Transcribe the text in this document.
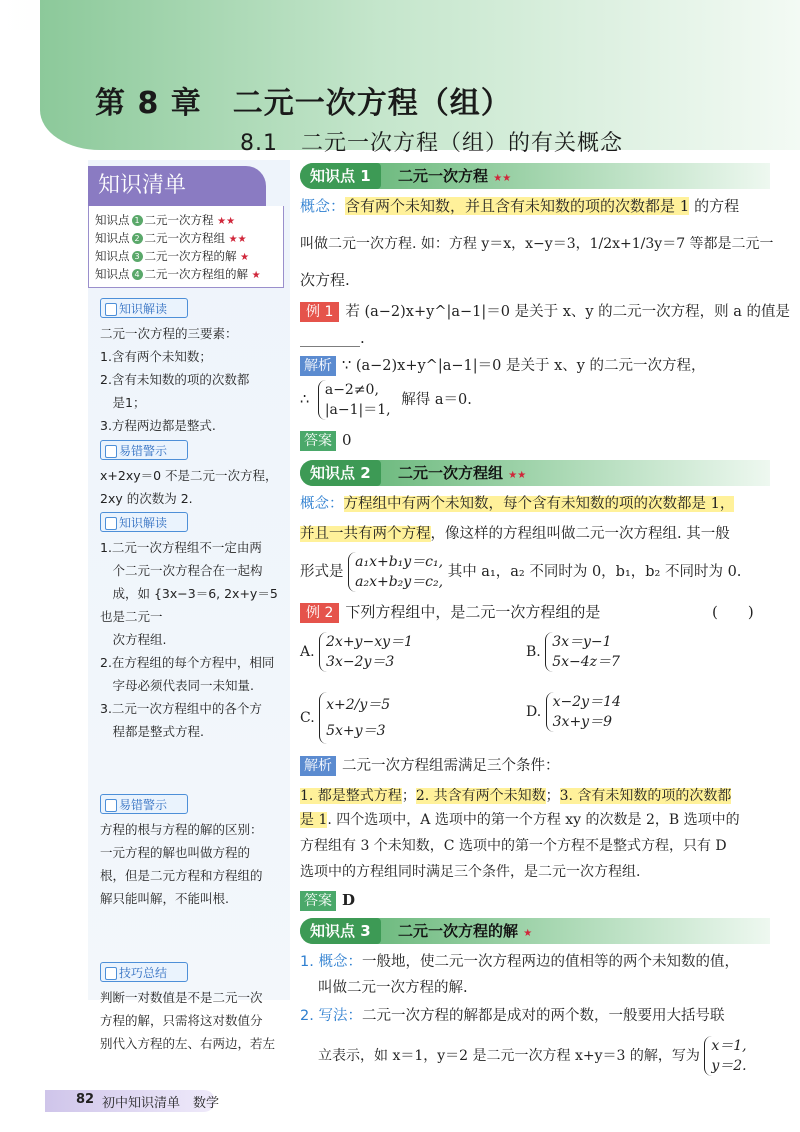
第 8 章　二元一次方程（组）
8.1　二元一次方程（组）的有关概念
知识清单
知识点 1 二元一次方程 ★★
知识点 2 二元一次方程组 ★★
知识点 3 二元一次方程的解 ★
知识点 4 二元一次方程组的解 ★
知识解读

二元一次方程的三要素：

1.含有两个未知数；

2.含有未知数的项的次数都

　是1；

3.方程两边都是整式.

易错警示

x+2xy＝0 不是二元一次方程，

2xy 的次数为 2.

知识解读

1.二元一次方程组不一定由两

　个二元一次方程合在一起构

　成，如 {3x−3＝6, 2x+y＝5 也是二元一

　次方程组.

2.在方程组的每个方程中，相同

　字母必须代表同一未知量.

3.二元一次方程组中的各个方

　程都是整式方程.

易错警示

方程的根与方程的解的区别：

一元方程的解也叫做方程的

根，但是二元方程和方程组的

解只能叫解，不能叫根.

技巧总结

判断一对数值是不是二元一次

方程的解，只需将这对数值分

别代入方程的左、右两边，若左

知识点 1	二元一次方程 ★★
概念：含有两个未知数，并且含有未知数的项的次数都是 1 的方程
叫做二元一次方程. 如：方程 y＝x，x−y＝3，1/2x+1/3y＝7 等都是二元一
次方程.
例 1 若 (a−2)x+y^|a−1|＝0 是关于 x、y 的二元一次方程，则 a 的值是
________.
解析 ∵ (a−2)x+y^|a−1|＝0 是关于 x、y 的二元一次方程，
∴ a−2≠0,
|a−1|＝1, 解得 a＝0.
答案 0
知识点 2	二元一次方程组 ★★
概念：方程组中有两个未知数，每个含有未知数的项的次数都是 1，
并且一共有两个方程，像这样的方程组叫做二元一次方程组. 其一般
形式是 a₁x+b₁y＝c₁,
a₂x+b₂y＝c₂, 其中 a₁，a₂ 不同时为 0，b₁，b₂ 不同时为 0.
例 2 下列方程组中，是二元一次方程组的是	(　　)
A. 2x+y−xy＝1
3x−2y＝3
B. 3x＝y−1
5x−4z＝7
C. x+2/y＝5
5x+y＝3
D. x−2y＝14
3x+y＝9
解析 二元一次方程组需满足三个条件：
1. 都是整式方程；2. 共含有两个未知数；3. 含有未知数的项的次数都
是 1. 四个选项中，A 选项中的第一个方程 xy 的次数是 2，B 选项中的
方程组有 3 个未知数，C 选项中的第一个方程不是整式方程，只有 D
选项中的方程组同时满足三个条件，是二元一次方程组.
答案 D
知识点 3	二元一次方程的解 ★
1. 概念：一般地，使二元一次方程两边的值相等的两个未知数的值，
叫做二元一次方程的解.
2. 写法：二元一次方程的解都是成对的两个数，一般要用大括号联
立表示，如 x＝1，y＝2 是二元一次方程 x+y＝3 的解，写为 x＝1,
y＝2.
82 初中知识清单　数学
